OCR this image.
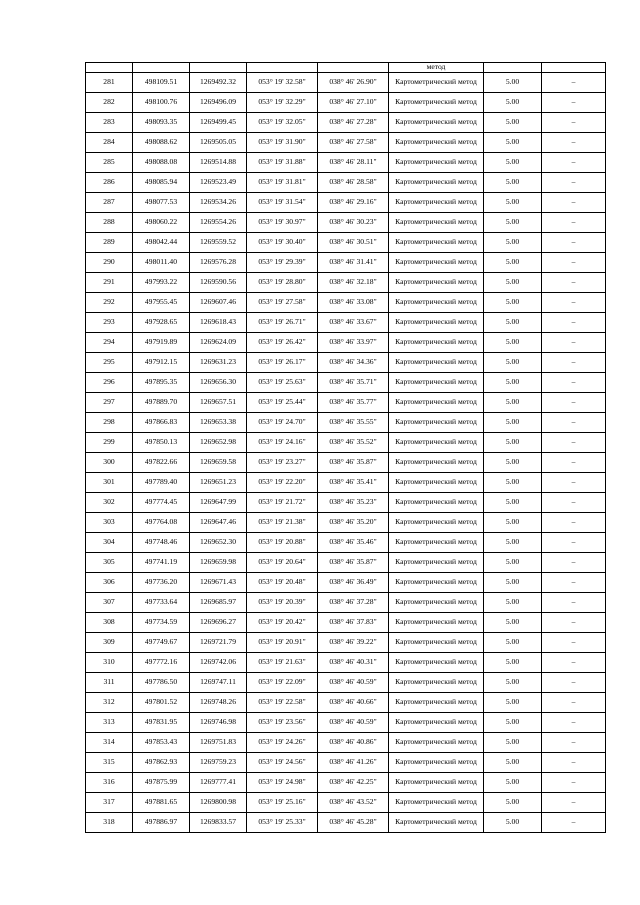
					метод		
281	498109.51	1269492.32	053° 19' 32.58"	038° 46' 26.90"	Картометрический метод	5.00	–
282	498100.76	1269496.09	053° 19' 32.29"	038° 46' 27.10"	Картометрический метод	5.00	–
283	498093.35	1269499.45	053° 19' 32.05"	038° 46' 27.28"	Картометрический метод	5.00	–
284	498088.62	1269505.05	053° 19' 31.90"	038° 46' 27.58"	Картометрический метод	5.00	–
285	498088.08	1269514.88	053° 19' 31.88"	038° 46' 28.11"	Картометрический метод	5.00	–
286	498085.94	1269523.49	053° 19' 31.81"	038° 46' 28.58"	Картометрический метод	5.00	–
287	498077.53	1269534.26	053° 19' 31.54"	038° 46' 29.16"	Картометрический метод	5.00	–
288	498060.22	1269554.26	053° 19' 30.97"	038° 46' 30.23"	Картометрический метод	5.00	–
289	498042.44	1269559.52	053° 19' 30.40"	038° 46' 30.51"	Картометрический метод	5.00	–
290	498011.40	1269576.28	053° 19' 29.39"	038° 46' 31.41"	Картометрический метод	5.00	–
291	497993.22	1269590.56	053° 19' 28.80"	038° 46' 32.18"	Картометрический метод	5.00	–
292	497955.45	1269607.46	053° 19' 27.58"	038° 46' 33.08"	Картометрический метод	5.00	–
293	497928.65	1269618.43	053° 19' 26.71"	038° 46' 33.67"	Картометрический метод	5.00	–
294	497919.89	1269624.09	053° 19' 26.42"	038° 46' 33.97"	Картометрический метод	5.00	–
295	497912.15	1269631.23	053° 19' 26.17"	038° 46' 34.36"	Картометрический метод	5.00	–
296	497895.35	1269656.30	053° 19' 25.63"	038° 46' 35.71"	Картометрический метод	5.00	–
297	497889.70	1269657.51	053° 19' 25.44"	038° 46' 35.77"	Картометрический метод	5.00	–
298	497866.83	1269653.38	053° 19' 24.70"	038° 46' 35.55"	Картометрический метод	5.00	–
299	497850.13	1269652.98	053° 19' 24.16"	038° 46' 35.52"	Картометрический метод	5.00	–
300	497822.66	1269659.58	053° 19' 23.27"	038° 46' 35.87"	Картометрический метод	5.00	–
301	497789.40	1269651.23	053° 19' 22.20"	038° 46' 35.41"	Картометрический метод	5.00	–
302	497774.45	1269647.99	053° 19' 21.72"	038° 46' 35.23"	Картометрический метод	5.00	–
303	497764.08	1269647.46	053° 19' 21.38"	038° 46' 35.20"	Картометрический метод	5.00	–
304	497748.46	1269652.30	053° 19' 20.88"	038° 46' 35.46"	Картометрический метод	5.00	–
305	497741.19	1269659.98	053° 19' 20.64"	038° 46' 35.87"	Картометрический метод	5.00	–
306	497736.20	1269671.43	053° 19' 20.48"	038° 46' 36.49"	Картометрический метод	5.00	–
307	497733.64	1269685.97	053° 19' 20.39"	038° 46' 37.28"	Картометрический метод	5.00	–
308	497734.59	1269696.27	053° 19' 20.42"	038° 46' 37.83"	Картометрический метод	5.00	–
309	497749.67	1269721.79	053° 19' 20.91"	038° 46' 39.22"	Картометрический метод	5.00	–
310	497772.16	1269742.06	053° 19' 21.63"	038° 46' 40.31"	Картометрический метод	5.00	–
311	497786.50	1269747.11	053° 19' 22.09"	038° 46' 40.59"	Картометрический метод	5.00	–
312	497801.52	1269748.26	053° 19' 22.58"	038° 46' 40.66"	Картометрический метод	5.00	–
313	497831.95	1269746.98	053° 19' 23.56"	038° 46' 40.59"	Картометрический метод	5.00	–
314	497853.43	1269751.83	053° 19' 24.26"	038° 46' 40.86"	Картометрический метод	5.00	–
315	497862.93	1269759.23	053° 19' 24.56"	038° 46' 41.26"	Картометрический метод	5.00	–
316	497875.99	1269777.41	053° 19' 24.98"	038° 46' 42.25"	Картометрический метод	5.00	–
317	497881.65	1269800.98	053° 19' 25.16"	038° 46' 43.52"	Картометрический метод	5.00	–
318	497886.97	1269833.57	053° 19' 25.33"	038° 46' 45.28"	Картометрический метод	5.00	–
